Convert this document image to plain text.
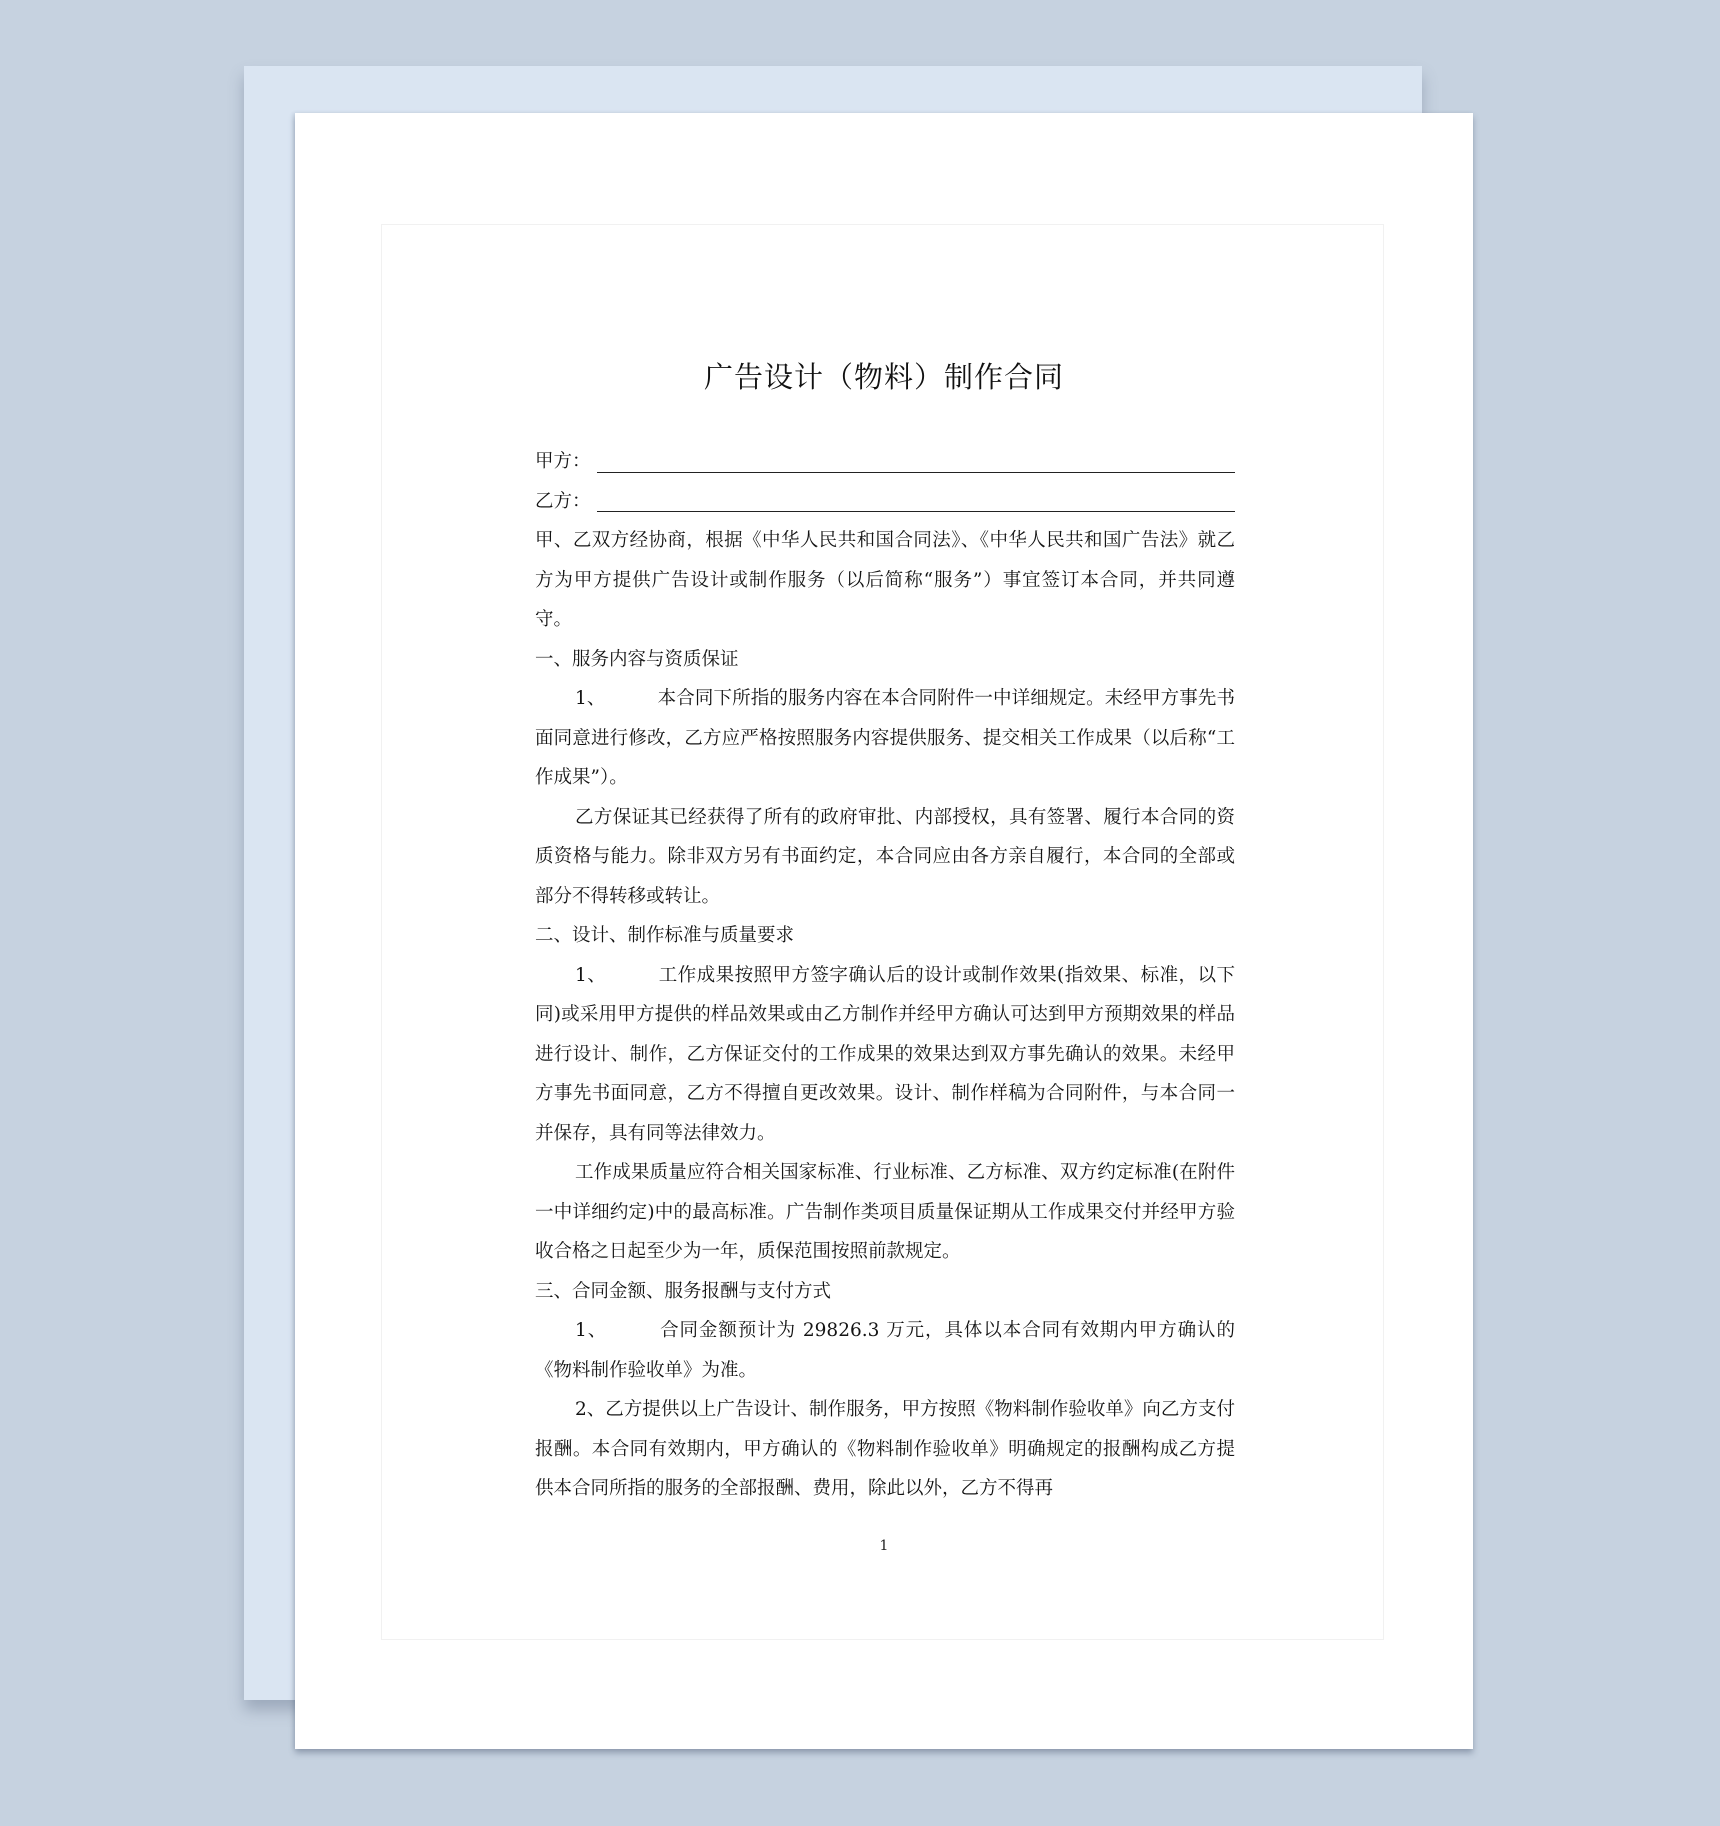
广告设计（物料）制作合同
甲方：
乙方：

甲、乙双方经协商，根据《中华人民共和国合同法》、《中华人民共和国广告法》就乙方为甲方提供广告设计或制作服务（以后简称“服务”）事宜签订本合同，并共同遵守。

一、服务内容与资质保证

1、	本合同下所指的服务内容在本合同附件一中详细规定。未经甲方事先书面同意进行修改，乙方应严格按照服务内容提供服务、提交相关工作成果（以后称“工作成果”）。

乙方保证其已经获得了所有的政府审批、内部授权，具有签署、履行本合同的资质资格与能力。除非双方另有书面约定，本合同应由各方亲自履行，本合同的全部或部分不得转移或转让。

二、设计、制作标准与质量要求

1、	工作成果按照甲方签字确认后的设计或制作效果(指效果、标准，以下同)或采用甲方提供的样品效果或由乙方制作并经甲方确认可达到甲方预期效果的样品进行设计、制作，乙方保证交付的工作成果的效果达到双方事先确认的效果。未经甲方事先书面同意，乙方不得擅自更改效果。设计、制作样稿为合同附件，与本合同一并保存，具有同等法律效力。

工作成果质量应符合相关国家标准、行业标准、乙方标准、双方约定标准(在附件一中详细约定)中的最高标准。广告制作类项目质量保证期从工作成果交付并经甲方验收合格之日起至少为一年，质保范围按照前款规定。

三、合同金额、服务报酬与支付方式

1、	合同金额预计为 29826.3 万元，具体以本合同有效期内甲方确认的《物料制作验收单》为准。

2、乙方提供以上广告设计、制作服务，甲方按照《物料制作验收单》向乙方支付报酬。本合同有效期内，甲方确认的《物料制作验收单》明确规定的报酬构成乙方提供本合同所指的服务的全部报酬、费用，除此以外，乙方不得再

1
